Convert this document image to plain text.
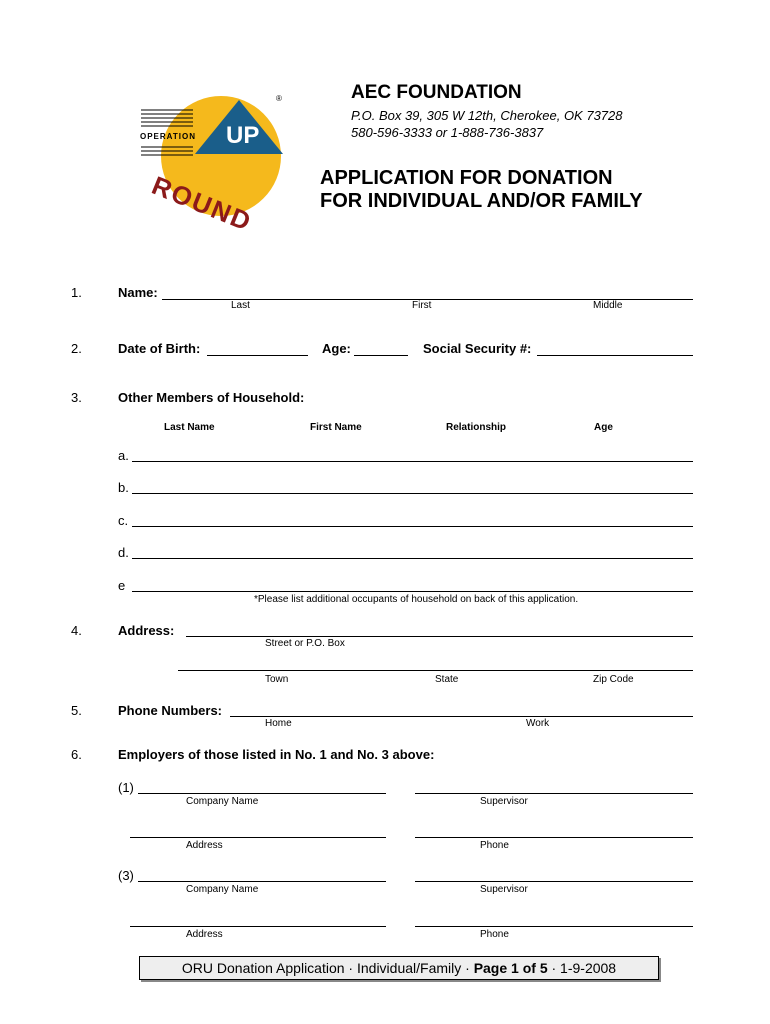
OPERATION UP
®
ROUND
AEC FOUNDATION
P.O. Box 39, 305 W 12th, Cherokee, OK 73728
580-596-3333 or 1-888-736-3837
APPLICATION FOR DONATION
FOR INDIVIDUAL AND/OR FAMILY
1.	Name:
Last	First	Middle
2.	Date of Birth:	Age:	Social Security #:
3.	Other Members of Household:
Last Name	First Name	Relationship	Age
a.
b.
c.
d.
e
*Please list additional occupants of household on back of this application.
4.	Address:
Street or P.O. Box
Town	State	Zip Code
5.	Phone Numbers:
Home	Work
6.	Employers of those listed in No. 1 and No. 3 above:
(1)
Company Name	Supervisor
Address	Phone
(3)
Company Name	Supervisor
Address	Phone
ORU Donation Application · Individual/Family · Page 1 of 5 · 1-9-2008
